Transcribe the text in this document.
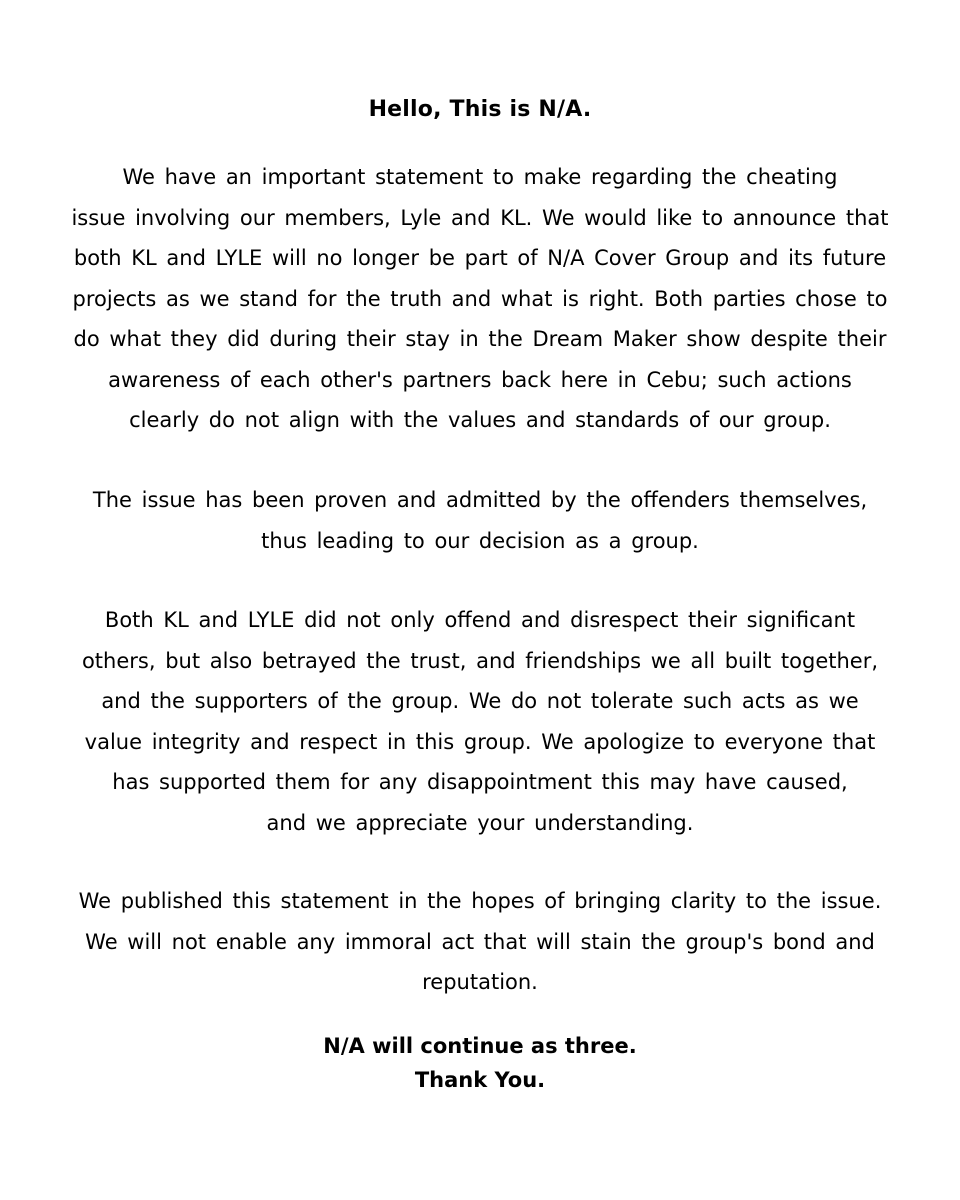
Hello, This is N/A.
We have an important statement to make regarding the cheating
issue involving our members, Lyle and KL. We would like to announce that
both KL and LYLE will no longer be part of N/A Cover Group and its future
projects as we stand for the truth and what is right. Both parties chose to
do what they did during their stay in the Dream Maker show despite their
awareness of each other's partners back here in Cebu; such actions
clearly do not align with the values and standards of our group.
The issue has been proven and admitted by the offenders themselves,
thus leading to our decision as a group.
Both KL and LYLE did not only offend and disrespect their significant
others, but also betrayed the trust, and friendships we all built together,
and the supporters of the group. We do not tolerate such acts as we
value integrity and respect in this group. We apologize to everyone that
has supported them for any disappointment this may have caused,
and we appreciate your understanding.
We published this statement in the hopes of bringing clarity to the issue.
We will not enable any immoral act that will stain the group's bond and
reputation.
N/A will continue as three.
Thank You.
